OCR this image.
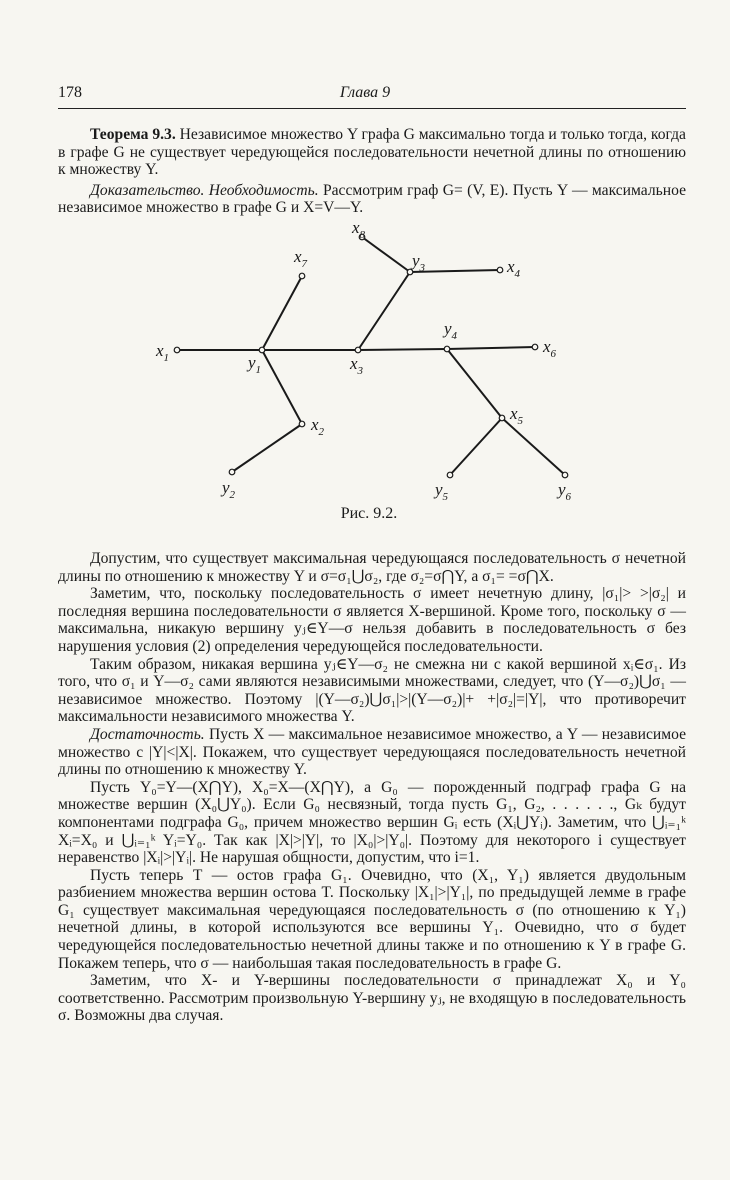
178	Глава 9

Теорема 9.3. Независимое множество Y графа G максимально тогда и только тогда, когда в графе G не существует чередующейся последовательности нечетной длины по отношению к множеству Y.

Доказательство. Необходимость. Рассмотрим граф G= (V, E). Пусть Y — максимальное независимое множество в графе G и X=V—Y.

$x_1$	$y_1$
$x_7$
$x_2$
$y_2$
$x_3$
$y_3$
$x_8$
$x_4$
$y_4$
$x_6$
$x_5$
$y_5$	$y_6$
Рис. 9.2.

Допустим, что существует максимальная чередующаяся последовательность σ нечетной длины по отношению к множеству Y и σ=σ₁⋃σ₂, где σ₂=σ⋂Y, а σ₁= =σ⋂X.

Заметим, что, поскольку последовательность σ имеет нечетную длину, |σ₁|> >|σ₂| и последняя вершина последовательности σ является X-вершиной. Кроме того, поскольку σ — максимальна, никакую вершину yⱼ∈Y—σ нельзя добавить в последовательность σ без нарушения условия (2) определения чередующейся последовательности.

Таким образом, никакая вершина yⱼ∈Y—σ₂ не смежна ни с какой вершиной xᵢ∈σ₁. Из того, что σ₁ и Y—σ₂ сами являются независимыми множествами, следует, что (Y—σ₂)⋃σ₁ — независимое множество. Поэтому |(Y—σ₂)⋃σ₁|>|(Y—σ₂)|+ +|σ₂|=|Y|, что противоречит максимальности независимого множества Y.

Достаточность. Пусть X — максимальное независимое множество, а Y — независимое множество с |Y|<|X|. Покажем, что существует чередующаяся последовательность нечетной длины по отношению к множеству Y.

Пусть Y₀=Y—(X⋂Y), X₀=X—(X⋂Y), а G₀ — порожденный подграф графа G на множестве вершин (X₀⋃Y₀). Если G₀ несвязный, тогда пусть G₁, G₂, . . . . . ., Gₖ будут компонентами подграфа G₀, причем множество вершин Gᵢ есть (Xᵢ⋃Yᵢ). Заметим, что ⋃ᵢ₌₁ᵏ Xᵢ=X₀ и ⋃ᵢ₌₁ᵏ Yᵢ=Y₀. Так как |X|>|Y|, то |X₀|>|Y₀|. Поэтому для некоторого i существует неравенство |Xᵢ|>|Yᵢ|. Не нарушая общности, допустим, что i=1.

Пусть теперь T — остов графа G₁. Очевидно, что (X₁, Y₁) является двудольным разбиением множества вершин остова T. Поскольку |X₁|>|Y₁|, по предыдущей лемме в графе G₁ существует максимальная чередующаяся последовательность σ (по отношению к Y₁) нечетной длины, в которой используются все вершины Y₁. Очевидно, что σ будет чередующейся последовательностью нечетной длины также и по отношению к Y в графе G. Покажем теперь, что σ — наибольшая такая последовательность в графе G.

Заметим, что X- и Y-вершины последовательности σ принадлежат X₀ и Y₀ соответственно. Рассмотрим произвольную Y-вершину yⱼ, не входящую в последовательность σ. Возможны два случая.
